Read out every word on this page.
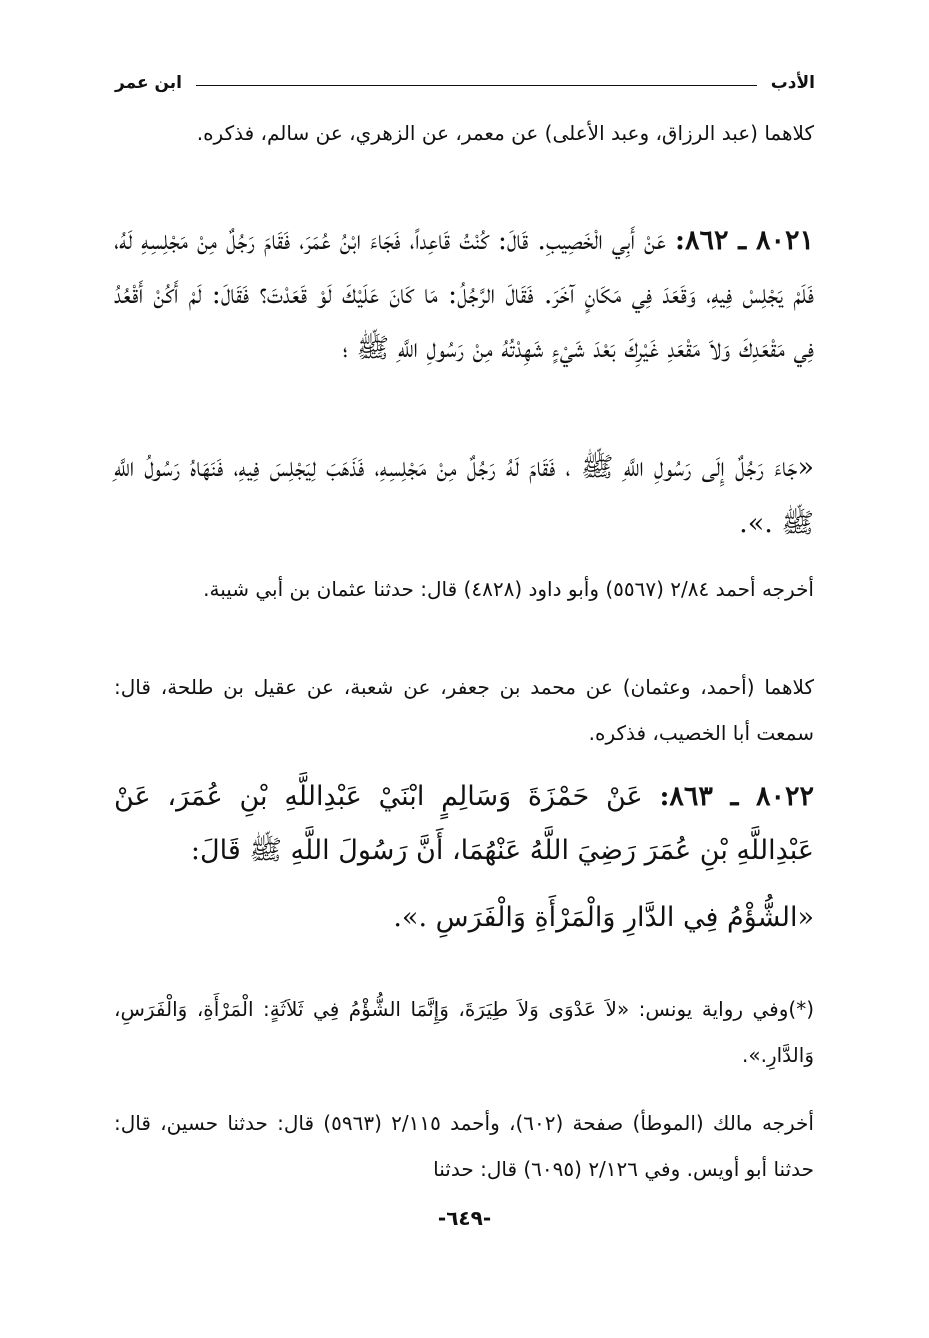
ابن عمر	الأدب

كلاهما (عبد الرزاق، وعبد الأعلى) عن معمر، عن الزهري، عن سالم، فذكره.

٨٠٢١ ـ ٨٦٢: عَنْ أَبِي الْخَصِيبِ. قَالَ: كُنْتُ قَاعِداً، فَجَاءَ ابْنُ عُمَرَ، فَقَامَ رَجُلٌ مِنْ مَجْلِسِهِ لَهُ، فَلَمْ يَجْلِسْ فِيهِ، وَقَعَدَ فِي مَكَانٍ آخَرَ. فَقَالَ الرَّجُلُ: مَا كَانَ عَلَيْكَ لَوْ قَعَدْتَ؟ فَقَالَ: لَمْ أَكُنْ أَقْعُدُ فِي مَقْعَدِكَ وَلاَ مَقْعَدِ غَيْرِكَ بَعْدَ شَيْءٍ شَهِدْتُهُ مِنْ رَسُولِ اللَّهِ ﷺ ؛

«جَاءَ رَجُلٌ إِلَى رَسُولِ اللَّهِ ﷺ ، فَقَامَ لَهُ رَجُلٌ مِنْ مَجْلِسِهِ، فَذَهَبَ لِيَجْلِسَ فِيهِ، فَنَهَاهُ رَسُولُ اللَّهِ ﷺ .».

أخرجه أحمد ٢/٨٤ (٥٥٦٧) وأبو داود (٤٨٢٨) قال: حدثنا عثمان بن أبي شيبة.

كلاهما (أحمد، وعثمان) عن محمد بن جعفر، عن شعبة، عن عقيل بن طلحة، قال: سمعت أبا الخصيب، فذكره.

٨٠٢٢ ـ ٨٦٣: عَنْ حَمْزَةَ وَسَالِمٍ ابْنَيْ عَبْدِاللَّهِ بْنِ عُمَرَ، عَنْ عَبْدِاللَّهِ بْنِ عُمَرَ رَضِيَ اللَّهُ عَنْهُمَا، أَنَّ رَسُولَ اللَّهِ ﷺ قَالَ:

«الشُّؤْمُ فِي الدَّارِ وَالْمَرْأَةِ وَالْفَرَسِ .».

(*)وفي رواية يونس: «لاَ عَدْوَى وَلاَ طِيَرَةَ، وَإِنَّمَا الشُّؤْمُ فِي ثَلاَثَةٍ: الْمَرْأَةِ، وَالْفَرَسِ، وَالدَّارِ.».

أخرجه مالك (الموطأ) صفحة (٦٠٢)، وأحمد ٢/١١٥ (٥٩٦٣) قال: حدثنا حسين، قال: حدثنا أبو أويس. وفي ٢/١٢٦ (٦٠٩٥) قال: حدثنا

-٦٤٩-
